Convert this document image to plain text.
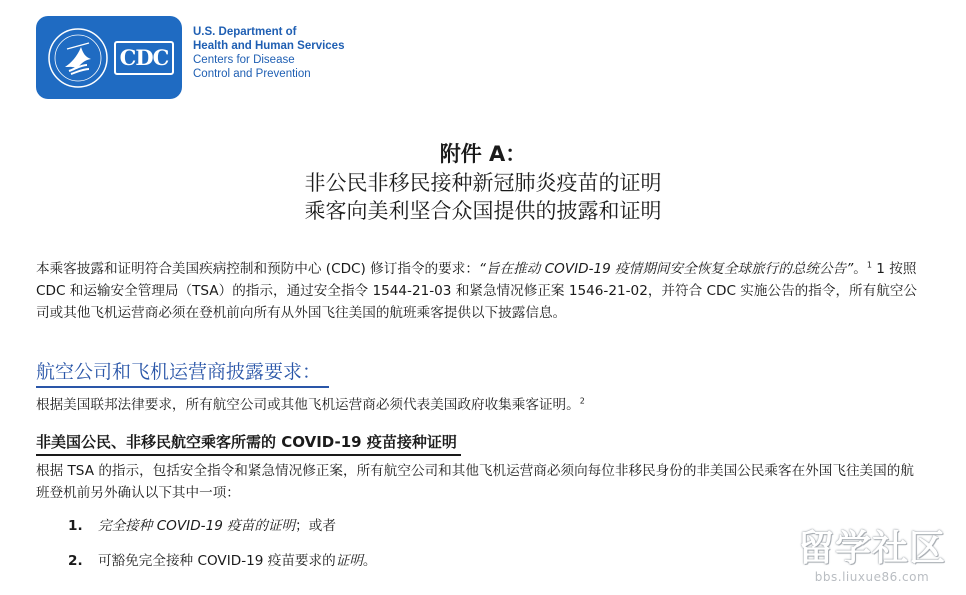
CDC
U.S. Department of
Health and Human Services
Centers for Disease
Control and Prevention
附件 A：
非公民非移民接种新冠肺炎疫苗的证明
乘客向美利坚合众国提供的披露和证明
本乘客披露和证明符合美国疾病控制和预防中心 (CDC) 修订指令的要求：“旨在推动 COVID-19 疫情期间安全恢复全球旅行的总统公告”。$^1$ 1 按照 CDC 和运输安全管理局（TSA）的指示，通过安全指令 1544-21-03 和紧急情况修正案 1546-21-02，并符合 CDC 实施公告的指令，所有航空公司或其他飞机运营商必须在登机前向所有从外国飞往美国的航班乘客提供以下披露信息。
航空公司和飞机运营商披露要求：
根据美国联邦法律要求，所有航空公司或其他飞机运营商必须代表美国政府收集乘客证明。$^2$
非美国公民、非移民航空乘客所需的 COVID-19 疫苗接种证明
根据 TSA 的指示，包括安全指令和紧急情况修正案，所有航空公司和其他飞机运营商必须向每位非移民身份的非美国公民乘客在外国飞往美国的航班登机前另外确认以下其中一项：
1. 完全接种 COVID-19 疫苗的证明；或者
2. 可豁免完全接种 COVID-19 疫苗要求的证明。	留学社区
bbs.liuxue86.com
